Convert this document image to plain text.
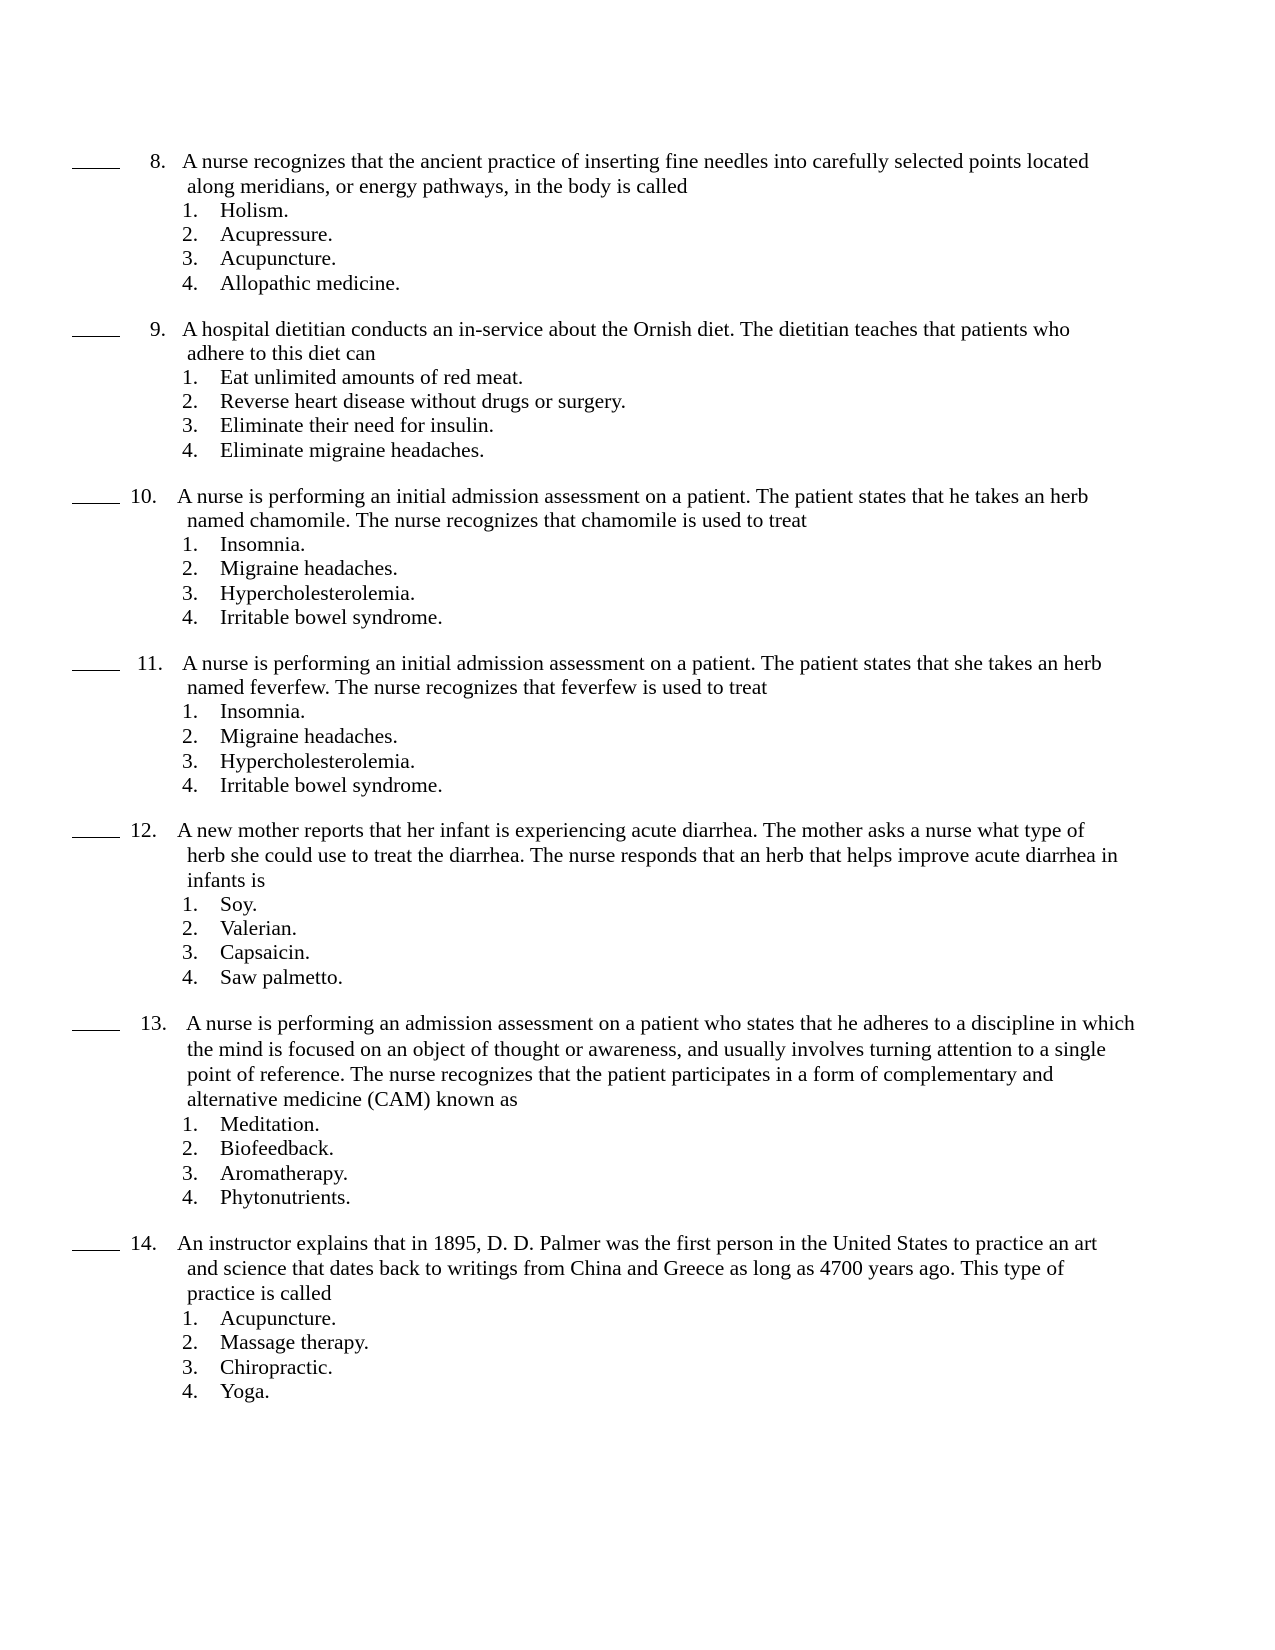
8. A nurse recognizes that the ancient practice of inserting fine needles into carefully selected points located
along meridians, or energy pathways, in the body is called
1. Holism.
2. Acupressure.
3. Acupuncture.
4. Allopathic medicine.
9. A hospital dietitian conducts an in-service about the Ornish diet. The dietitian teaches that patients who
adhere to this diet can
1. Eat unlimited amounts of red meat.
2. Reverse heart disease without drugs or surgery.
3. Eliminate their need for insulin.
4. Eliminate migraine headaches.
10. A nurse is performing an initial admission assessment on a patient. The patient states that he takes an herb
named chamomile. The nurse recognizes that chamomile is used to treat
1. Insomnia.
2. Migraine headaches.
3. Hypercholesterolemia.
4. Irritable bowel syndrome.
11. A nurse is performing an initial admission assessment on a patient. The patient states that she takes an herb
named feverfew. The nurse recognizes that feverfew is used to treat
1. Insomnia.
2. Migraine headaches.
3. Hypercholesterolemia.
4. Irritable bowel syndrome.
12. A new mother reports that her infant is experiencing acute diarrhea. The mother asks a nurse what type of
herb she could use to treat the diarrhea. The nurse responds that an herb that helps improve acute diarrhea in
infants is
1. Soy.
2. Valerian.
3. Capsaicin.
4. Saw palmetto.
13. A nurse is performing an admission assessment on a patient who states that he adheres to a discipline in which
the mind is focused on an object of thought or awareness, and usually involves turning attention to a single
point of reference. The nurse recognizes that the patient participates in a form of complementary and
alternative medicine (CAM) known as
1. Meditation.
2. Biofeedback.
3. Aromatherapy.
4. Phytonutrients.
14. An instructor explains that in 1895, D. D. Palmer was the first person in the United States to practice an art
and science that dates back to writings from China and Greece as long as 4700 years ago. This type of
practice is called
1. Acupuncture.
2. Massage therapy.
3. Chiropractic.
4. Yoga.
